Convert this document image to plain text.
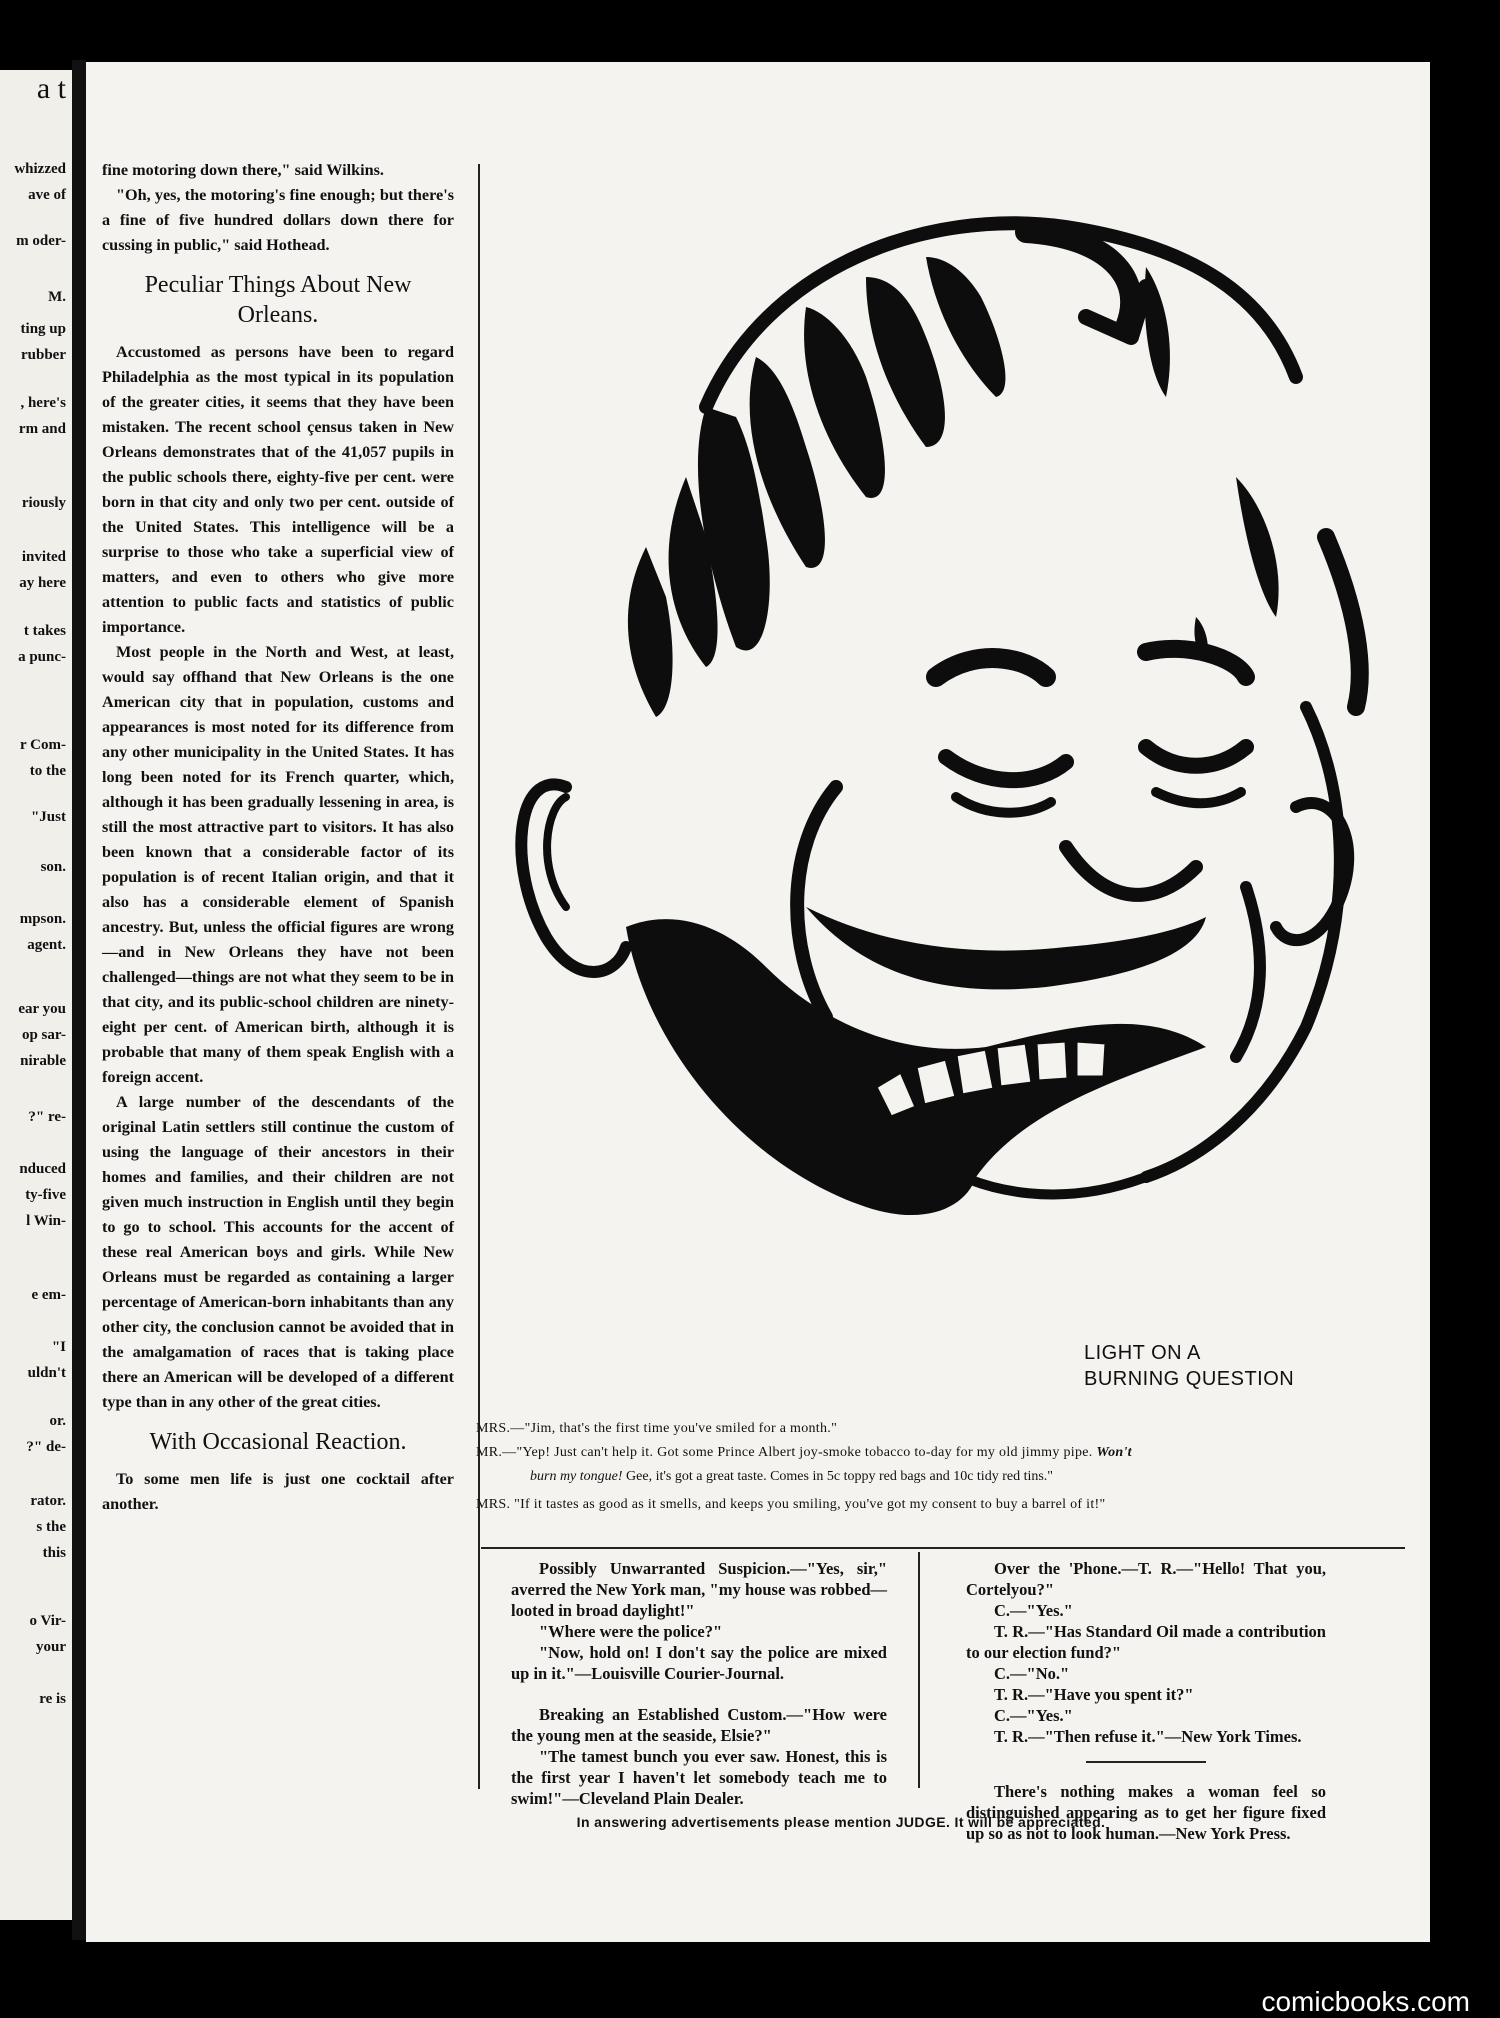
a t
whizzed
ave of
m oder-
M.
ting up
rubber
, here's
rm and
riously
invited
ay here
t takes
a punc-
r Com-
to the
"Just
son.
mpson.
agent.
ear you
op sar-
nirable
?" re-
nduced
ty-five
l Win-
e em-
"I
uldn't
or.
?" de-
rator.
s the
this
o Vir-
your
re is

fine motoring down there," said Wilkins.

"Oh, yes, the motoring's fine enough; but there's a fine of five hundred dollars down there for cussing in public," said Hothead.

Peculiar Things About New Orleans.

Accustomed as persons have been to regard Philadelphia as the most typical in its population of the greater cities, it seems that they have been mistaken. The recent school çensus taken in New Orleans demonstrates that of the 41,057 pupils in the public schools there, eighty-five per cent. were born in that city and only two per cent. outside of the United States. This intelligence will be a surprise to those who take a superficial view of matters, and even to others who give more attention to public facts and statistics of public importance.

Most people in the North and West, at least, would say offhand that New Orleans is the one American city that in population, customs and appearances is most noted for its difference from any other municipality in the United States. It has long been noted for its French quarter, which, although it has been gradually lessening in area, is still the most attractive part to visitors. It has also been known that a considerable factor of its population is of recent Italian origin, and that it also has a considerable element of Spanish ancestry. But, unless the official figures are wrong—and in New Orleans they have not been challenged—things are not what they seem to be in that city, and its public-school children are ninety-eight per cent. of American birth, although it is probable that many of them speak English with a foreign accent.

A large number of the descendants of the original Latin settlers still continue the custom of using the language of their ancestors in their homes and families, and their children are not given much instruction in English until they begin to go to school. This accounts for the accent of these real American boys and girls. While New Orleans must be regarded as containing a larger percentage of American-born inhabitants than any other city, the conclusion cannot be avoided that in the amalgamation of races that is taking place there an American will be developed of a different type than in any other of the great cities.

With Occasional Reaction.

To some men life is just one cocktail after another.

LIGHT ON A
BURNING QUESTION
MRS.—"Jim, that's the first time you've smiled for a month."
MR.—"Yep! Just can't help it. Got some Prince Albert joy-smoke tobacco to-day for my old jimmy pipe. Won't
burn my tongue! Gee, it's got a great taste. Comes in 5c toppy red bags and 10c tidy red tins."
MRS. "If it tastes as good as it smells, and keeps you smiling, you've got my consent to buy a barrel of it!"

Possibly Unwarranted Suspicion.—"Yes, sir," averred the New York man, "my house was robbed—looted in broad daylight!"

"Where were the police?"

"Now, hold on! I don't say the police are mixed up in it."—Louisville Courier-Journal.

Breaking an Established Custom.—"How were the young men at the seaside, Elsie?"

"The tamest bunch you ever saw. Honest, this is the first year I haven't let somebody teach me to swim!"—Cleveland Plain Dealer.

Over the 'Phone.—T. R.—"Hello! That you, Cortelyou?"

C.—"Yes."

T. R.—"Has Standard Oil made a contribution to our election fund?"

C.—"No."

T. R.—"Have you spent it?"

C.—"Yes."

T. R.—"Then refuse it."—New York Times.

There's nothing makes a woman feel so distinguished appearing as to get her figure fixed up so as not to look human.—New York Press.

In answering advertisements please mention JUDGE. It will be appreciated.
comicbooks.com
